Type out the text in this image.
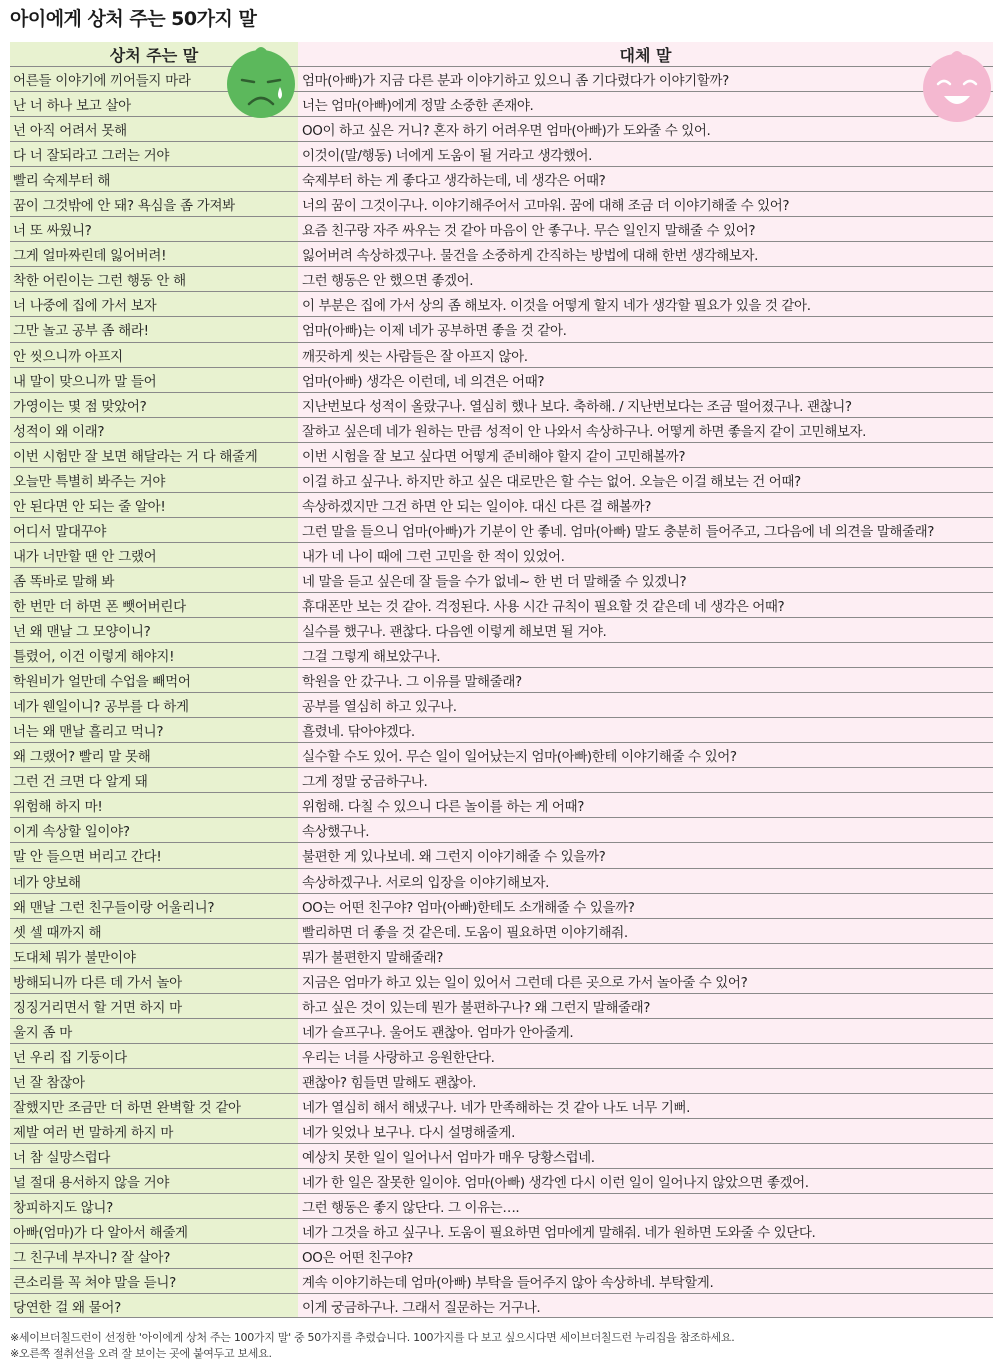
아이에게 상처 주는 50가지 말
상처 주는 말	대체 말
어른들 이야기에 끼어들지 마라	엄마(아빠)가 지금 다른 분과 이야기하고 있으니 좀 기다렸다가 이야기할까?
난 너 하나 보고 살아	너는 엄마(아빠)에게 정말 소중한 존재야.
넌 아직 어려서 못해	OO이 하고 싶은 거니? 혼자 하기 어려우면 엄마(아빠)가 도와줄 수 있어.
다 너 잘되라고 그러는 거야	이것이(말/행동) 너에게 도움이 될 거라고 생각했어.
빨리 숙제부터 해	숙제부터 하는 게 좋다고 생각하는데, 네 생각은 어때?
꿈이 그것밖에 안 돼? 욕심을 좀 가져봐	너의 꿈이 그것이구나. 이야기해주어서 고마워. 꿈에 대해 조금 더 이야기해줄 수 있어?
너 또 싸웠니?	요즘 친구랑 자주 싸우는 것 같아 마음이 안 좋구나. 무슨 일인지 말해줄 수 있어?
그게 얼마짜린데 잃어버려!	잃어버려 속상하겠구나. 물건을 소중하게 간직하는 방법에 대해 한번 생각해보자.
착한 어린이는 그런 행동 안 해	그런 행동은 안 했으면 좋겠어.
너 나중에 집에 가서 보자	이 부분은 집에 가서 상의 좀 해보자. 이것을 어떻게 할지 네가 생각할 필요가 있을 것 같아.
그만 놀고 공부 좀 해라!	엄마(아빠)는 이제 네가 공부하면 좋을 것 같아.
안 씻으니까 아프지	깨끗하게 씻는 사람들은 잘 아프지 않아.
내 말이 맞으니까 말 들어	엄마(아빠) 생각은 이런데, 네 의견은 어때?
가영이는 몇 점 맞았어?	지난번보다 성적이 올랐구나. 열심히 했나 보다. 축하해. / 지난번보다는 조금 떨어졌구나. 괜찮니?
성적이 왜 이래?	잘하고 싶은데 네가 원하는 만큼 성적이 안 나와서 속상하구나. 어떻게 하면 좋을지 같이 고민해보자.
이번 시험만 잘 보면 해달라는 거 다 해줄게	이번 시험을 잘 보고 싶다면 어떻게 준비해야 할지 같이 고민해볼까?
오늘만 특별히 봐주는 거야	이걸 하고 싶구나. 하지만 하고 싶은 대로만은 할 수는 없어. 오늘은 이걸 해보는 건 어때?
안 된다면 안 되는 줄 알아!	속상하겠지만 그건 하면 안 되는 일이야. 대신 다른 걸 해볼까?
어디서 말대꾸야	그런 말을 들으니 엄마(아빠)가 기분이 안 좋네. 엄마(아빠) 말도 충분히 들어주고, 그다음에 네 의견을 말해줄래?
내가 너만할 땐 안 그랬어	내가 네 나이 때에 그런 고민을 한 적이 있었어.
좀 똑바로 말해 봐	네 말을 듣고 싶은데 잘 들을 수가 없네~ 한 번 더 말해줄 수 있겠니?
한 번만 더 하면 폰 뺏어버린다	휴대폰만 보는 것 같아. 걱정된다. 사용 시간 규칙이 필요할 것 같은데 네 생각은 어때?
넌 왜 맨날 그 모양이니?	실수를 했구나. 괜찮다. 다음엔 이렇게 해보면 될 거야.
틀렸어, 이건 이렇게 해야지!	그걸 그렇게 해보았구나.
학원비가 얼만데 수업을 빼먹어	학원을 안 갔구나. 그 이유를 말해줄래?
네가 웬일이니? 공부를 다 하게	공부를 열심히 하고 있구나.
너는 왜 맨날 흘리고 먹니?	흘렸네. 닦아야겠다.
왜 그랬어? 빨리 말 못해	실수할 수도 있어. 무슨 일이 일어났는지 엄마(아빠)한테 이야기해줄 수 있어?
그런 건 크면 다 알게 돼	그게 정말 궁금하구나.
위험해 하지 마!	위험해. 다칠 수 있으니 다른 놀이를 하는 게 어때?
이게 속상할 일이야?	속상했구나.
말 안 들으면 버리고 간다!	불편한 게 있나보네. 왜 그런지 이야기해줄 수 있을까?
네가 양보해	속상하겠구나. 서로의 입장을 이야기해보자.
왜 맨날 그런 친구들이랑 어울리니?	OO는 어떤 친구야? 엄마(아빠)한테도 소개해줄 수 있을까?
셋 셀 때까지 해	빨리하면 더 좋을 것 같은데. 도움이 필요하면 이야기해줘.
도대체 뭐가 불만이야	뭐가 불편한지 말해줄래?
방해되니까 다른 데 가서 놀아	지금은 엄마가 하고 있는 일이 있어서 그런데 다른 곳으로 가서 놀아줄 수 있어?
징징거리면서 할 거면 하지 마	하고 싶은 것이 있는데 뭔가 불편하구나? 왜 그런지 말해줄래?
울지 좀 마	네가 슬프구나. 울어도 괜찮아. 엄마가 안아줄게.
넌 우리 집 기둥이다	우리는 너를 사랑하고 응원한단다.
넌 잘 참잖아	괜찮아? 힘들면 말해도 괜찮아.
잘했지만 조금만 더 하면 완벽할 것 같아	네가 열심히 해서 해냈구나. 네가 만족해하는 것 같아 나도 너무 기뻐.
제발 여러 번 말하게 하지 마	네가 잊었나 보구나. 다시 설명해줄게.
너 참 실망스럽다	예상치 못한 일이 일어나서 엄마가 매우 당황스럽네.
널 절대 용서하지 않을 거야	네가 한 일은 잘못한 일이야. 엄마(아빠) 생각엔 다시 이런 일이 일어나지 않았으면 좋겠어.
창피하지도 않니?	그런 행동은 좋지 않단다. 그 이유는….
아빠(엄마)가 다 알아서 해줄게	네가 그것을 하고 싶구나. 도움이 필요하면 엄마에게 말해줘. 네가 원하면 도와줄 수 있단다.
그 친구네 부자니? 잘 살아?	OO은 어떤 친구야?
큰소리를 꼭 쳐야 말을 듣니?	계속 이야기하는데 엄마(아빠) 부탁을 들어주지 않아 속상하네. 부탁할게.
당연한 걸 왜 물어?	이게 궁금하구나. 그래서 질문하는 거구나.
※세이브더칠드런이 선정한 '아이에게 상처 주는 100가지 말' 중 50가지를 추렸습니다. 100가지를 다 보고 싶으시다면 세이브더칠드런 누리집을 참조하세요.
※오른쪽 절취선을 오려 잘 보이는 곳에 붙여두고 보세요.
